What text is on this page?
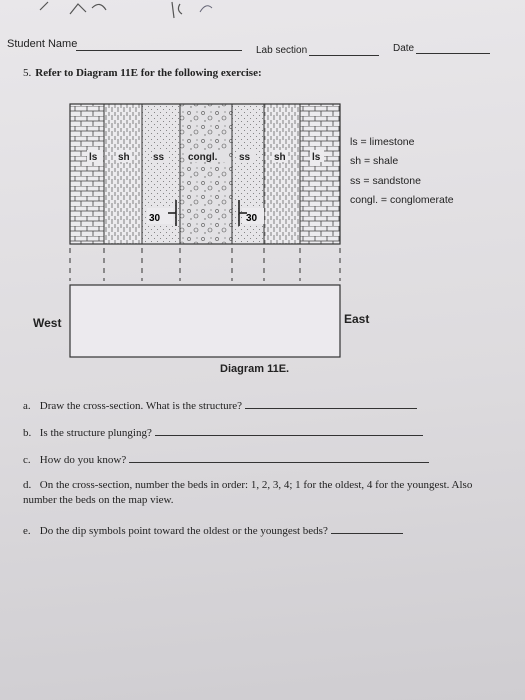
Student Name
Lab section	Date
5. Refer to Diagram 11E for the following exercise:
ls sh ss congl. ss sh	ls
30	30
ls = limestone
sh = shale
ss = sandstone
congl. = conglomerate
West	East
Diagram 11E.
a. Draw the cross-section. What is the structure?
b. Is the structure plunging?
c. How do you know?
d. On the cross-section, number the beds in order: 1, 2, 3, 4; 1 for the oldest, 4 for the youngest. Also number the beds on the map view.
e. Do the dip symbols point toward the oldest or the youngest beds?
